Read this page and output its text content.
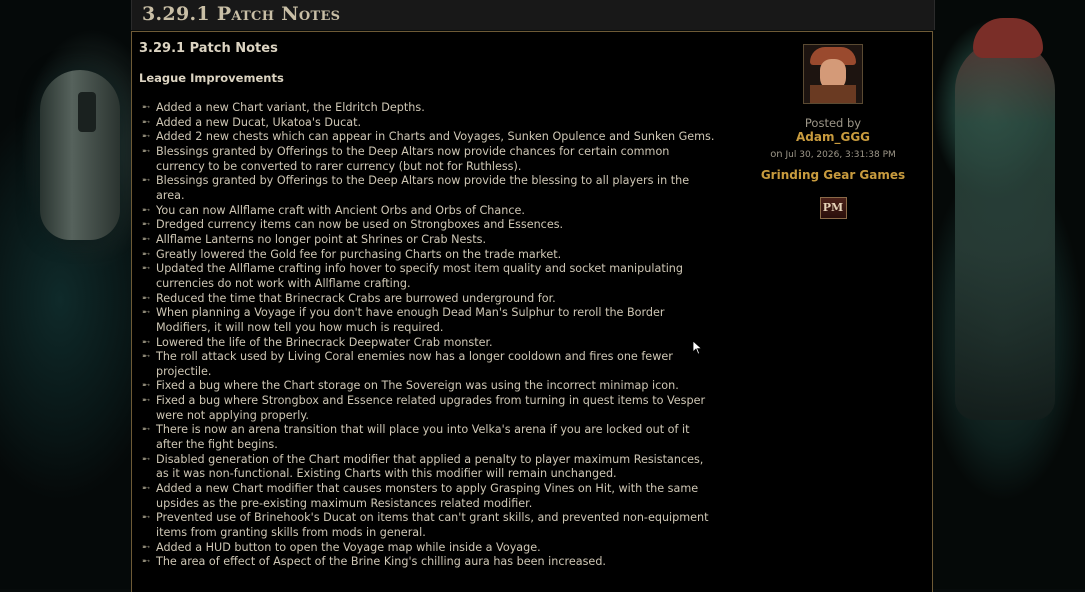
3.29.1 Patch Notes
3.29.1 Patch Notes
League Improvements
➸ Added a new Chart variant, the Eldritch Depths.
➸ Added a new Ducat, Ukatoa's Ducat.
➸ Added 2 new chests which can appear in Charts and Voyages, Sunken Opulence and Sunken Gems.
➸ Blessings granted by Offerings to the Deep Altars now provide chances for certain common
currency to be converted to rarer currency (but not for Ruthless).
➸ Blessings granted by Offerings to the Deep Altars now provide the blessing to all players in the
area.
➸ You can now Allflame craft with Ancient Orbs and Orbs of Chance.
➸ Dredged currency items can now be used on Strongboxes and Essences.
➸ Allflame Lanterns no longer point at Shrines or Crab Nests.
➸ Greatly lowered the Gold fee for purchasing Charts on the trade market.
➸ Updated the Allflame crafting info hover to specify most item quality and socket manipulating
currencies do not work with Allflame crafting.
➸ Reduced the time that Brinecrack Crabs are burrowed underground for.
➸ When planning a Voyage if you don't have enough Dead Man's Sulphur to reroll the Border
Modifiers, it will now tell you how much is required.
➸ Lowered the life of the Brinecrack Deepwater Crab monster.
➸ The roll attack used by Living Coral enemies now has a longer cooldown and fires one fewer
projectile.
➸ Fixed a bug where the Chart storage on The Sovereign was using the incorrect minimap icon.
➸ Fixed a bug where Strongbox and Essence related upgrades from turning in quest items to Vesper
were not applying properly.
➸ There is now an arena transition that will place you into Velka's arena if you are locked out of it
after the fight begins.
➸ Disabled generation of the Chart modifier that applied a penalty to player maximum Resistances,
as it was non-functional. Existing Charts with this modifier will remain unchanged.
➸ Added a new Chart modifier that causes monsters to apply Grasping Vines on Hit, with the same
upsides as the pre-existing maximum Resistances related modifier.
➸ Prevented use of Brinehook's Ducat on items that can't grant skills, and prevented non-equipment
items from granting skills from mods in general.
➸ Added a HUD button to open the Voyage map while inside a Voyage.
➸ The area of effect of Aspect of the Brine King's chilling aura has been increased.
Posted by
Adam_GGG
on Jul 30, 2026, 3:31:38 PM
Grinding Gear Games
PM
